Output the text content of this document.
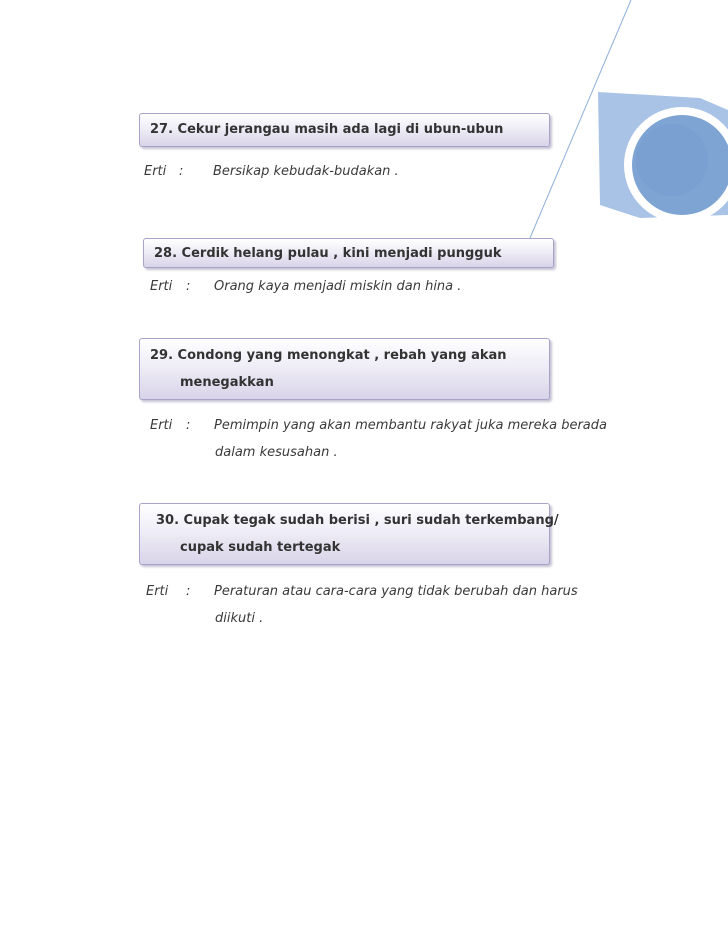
27. Cekur jerangau masih ada lagi di ubun-ubun
Erti : Bersikap kebudak-budakan .
28. Cerdik helang pulau , kini menjadi pungguk
Erti : Orang kaya menjadi miskin dan hina .
29. Condong yang menongkat , rebah yang akan
menegakkan
Erti : Pemimpin yang akan membantu rakyat juka mereka berada
dalam kesusahan .
30. Cupak tegak sudah berisi , suri sudah terkembang/
cupak sudah tertegak
Erti : Peraturan atau cara-cara yang tidak berubah dan harus
diikuti .
